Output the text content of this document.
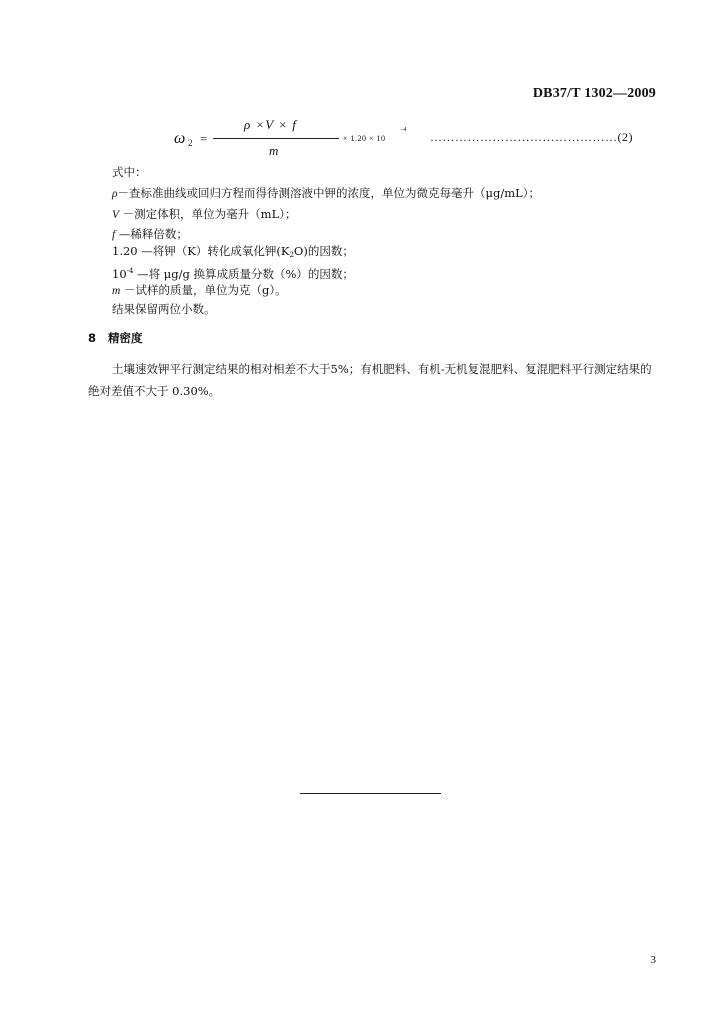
DB37/T 1302—2009
ω 2 =
ρ ×V × f
m
× 1.20 × 10
−4 ………………………………………(2)
式中：
ρ－查标准曲线或回归方程而得待测溶液中钾的浓度，单位为微克每毫升（μg/mL）；
V －测定体积，单位为毫升（mL）；
f —稀释倍数；
1.20 —将钾（K）转化成氧化钾$(K_2O)$的因数；
$10^{-4}$ —将 μg/g 换算成质量分数（%）的因数；
m －试样的质量，单位为克（g）。
结果保留两位小数。
8 精密度
土壤速效钾平行测定结果的相对相差不大于5%；有机肥料、有机-无机复混肥料、复混肥料平行测定结果的绝对差值不大于 0.30%。
3
